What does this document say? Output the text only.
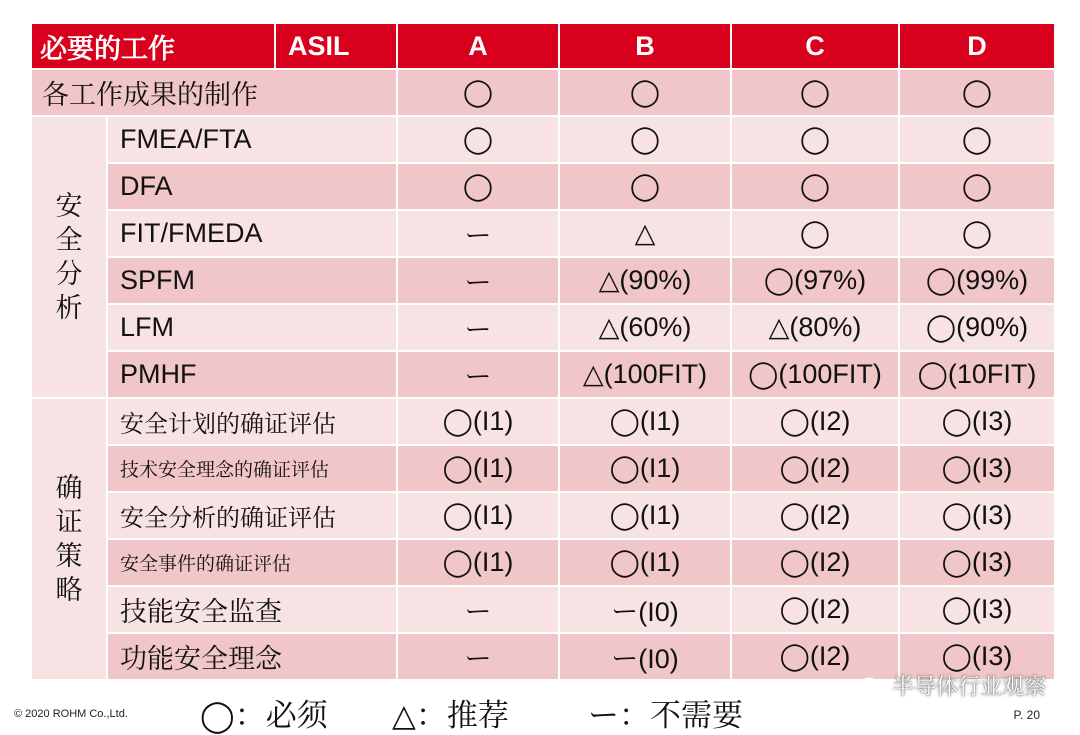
必要的工作		ASIL	A	B	C	D
各工作成果的制作			◯	◯	◯	◯

安全分析	FMEA/FTA		◯	◯	◯	◯
	DFA		◯	◯	◯	◯
	FIT/FMEDA		ー	△	◯	◯
	SPFM		ー	△(90%)	◯(97%)	◯(99%)
	LFM		ー	△(60%)	△(80%)	◯(90%)
	PMHF		ー	△(100FIT)	◯(100FIT)	◯(10FIT)

确证策略	安全计划的确证评估		◯(I1)	◯(I1)	◯(I2)	◯(I3)
	技术安全理念的确证评估		◯(I1)	◯(I1)	◯(I2)	◯(I3)
	安全分析的确证评估		◯(I1)	◯(I1)	◯(I2)	◯(I3)
	安全事件的确证评估		◯(I1)	◯(I1)	◯(I2)	◯(I3)
	技能安全监查		ー	ー(I0)	◯(I2)	◯(I3)
	功能安全理念		ー	ー(I0)	◯(I2)	◯(I3)
◯：必须 △：推荐	ー：不需要
© 2020 ROHM Co.,Ltd.	P. 20
半导体行业观察
